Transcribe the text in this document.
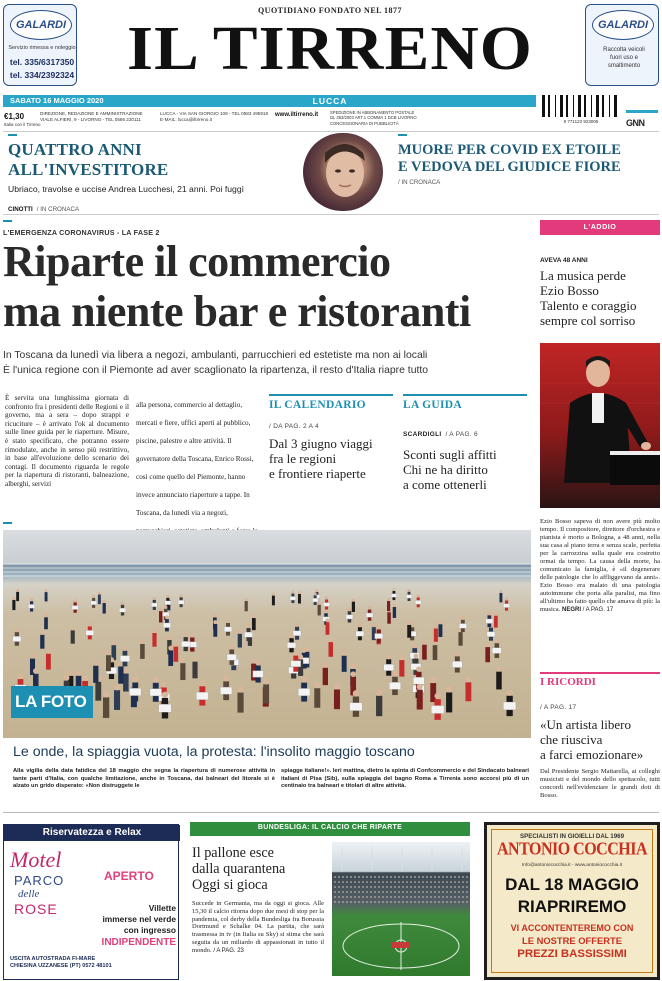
GALARDI
Servizio rimessa e noleggio
tel. 335/6317350
tel. 334/2392324
QUOTIDIANO FONDATO NEL 1877
IL TIRRENO	GALARDI
Raccolta veicoli
fuori uso e
smaltimento
SABATO 16 MAGGIO 2020	LUCCA
€1,30
Italia con il Tirreno
DIREZIONE, REDAZIONE E AMMINISTRAZIONE
VIALE ALFIERI, 9 - LIVORNO - TEL 0586 220111
LUCCA - VIA SAN GIORGIO 108 - TEL 0583 495919
E-MAIL: lucca@iltirreno.it
www.iltirreno.it	SPEDIZIONE IN ABBONAMENTO POSTALE
DL 353/2003 ART.1 COMMA 1 DCB LIVORNO
CONCESSIONARIA DI PUBBLICITÀ	9 771122 923005	GNN
QUATTRO ANNI ALL'INVESTITORE
Ubriaco, travolse e uccise Andrea Lucchesi, 21 anni. Poi fuggì
CINOTTI / IN CRONACA
MUORE PER COVID EX ETOILE
E VEDOVA DEL GIUDICE FIORE
/ IN CRONACA
L'EMERGENZA CORONAVIRUS - LA FASE 2
Riparte il commercio
ma niente bar e ristoranti
In Toscana da lunedì via libera a negozi, ambulanti, parrucchieri ed estetiste ma non ai locali
È l'unica regione con il Piemonte ad aver scaglionato la ripartenza, il resto d'Italia riapre tutto
È servita una lunghissima giornata di confronto fra i presidenti delle Regioni e il governo, ma a sera – dopo strappi e ricuciture – è arrivato l'ok al documento sulle linee guida per le riaperture. Misure, è stato specificato, che potranno essere rimodulate, anche in senso più restrittivo, in base all'evoluzione dello scenario dei contagi. Il documento riguarda le regole per la riapertura di ristoranti, balneazione, alberghi, servizi
alla persona, commercio al dettaglio, mercati e fiere, uffici aperti al pubblico, piscine, palestre e altre attività. Il governatore della Toscana, Enrico Rossi, così come quello del Piemonte, hanno invece annunciato riaperture a tappe. In Toscana, da lunedì via a negozi,
IL CALENDARIO
/ DA PAG. 2 A 4
Dal 3 giugno viaggi
fra le regioni
e frontiere riaperte
LA GUIDA
SCARDIGLI / A PAG. 6
Sconti sugli affitti
Chi ne ha diritto
a come ottenerli
L'ADDIO
AVEVA 48 ANNI
La musica perde
Ezio Bosso
Talento e coraggio
sempre col sorriso
Ezio Bosso sapeva di non avere più molto tempo. Il compositore, direttore d'orchestra e pianista è morto a Bologna, a 48 anni, nella sua casa al piano terra e senza scale, perfetta per la carrozzina sulla quale era costretto ormai da tempo. La causa della morte, ha comunicato la famiglia, è «il degenerare delle patologie che lo affliggevano da anni». Ezio Bosso era malato di una patologia autoimmune che porta alla paralisi, ma fino all'ultimo ha fatto quello che amava di più: la musica. NEGRI / A PAG. 17
I RICORDI
/ A PAG. 17
«Un artista libero
che riusciva
a farci emozionare»
Dal Presidente Sergio Mattarella, ai colleghi musicisti e del mondo dello spettacolo, tutti concordi nell'evidenziare le grandi doti di Bosso.
LA FOTO
Le onde, la spiaggia vuota, la protesta: l'insolito maggio toscano
Alla vigilia della data fatidica del 18 maggio che segna la riapertura di numerose attività in tante parti d'Italia, con qualche limitazione, anche in Toscana, dai balneari del litorale si è alzato un grido disperato: «Non distruggete le
spiagge italiane!». Ieri mattina, dietro la spinta di Confcommercio e del Sindacato balneari italiani di Pisa (Sib), sulla spiaggia del bagno Roma a Tirrenia sono accorsi più di un centinaio tra balneari e titolari di altre attività.
Riservatezza e Relax
Motel
PARCO
delle
ROSE
APERTO
Villette
immerse nel verde
con ingresso
INDIPENDENTE
USCITA AUTOSTRADA FI-MARE
CHIESINA UZZANESE (PT) 0572 48101
BUNDESLIGA: IL CALCIO CHE RIPARTE
Il pallone esce
dalla quarantena
Oggi si gioca
Succede in Germania, ma da oggi si gioca. Alle 15,30 il calcio ritorna dopo due mesi di stop per la pandemia, col derby della Bundesliga fra Borussia Dortmund e Schalke 04. La partita, che sarà trasmessa in tv (in Italia su Sky) si stima che sarà seguita da un miliardo di appassionati in tutto il mondo. / A PAG. 23
SPECIALISTI IN GIOIELLI DAL 1969
ANTONIO COCCHIA
Info@antoniococchia.it - www.antoniococchia.it
DAL 18 MAGGIO
RIAPRIREMO
VI ACCONTENTEREMO CON
LE NOSTRE OFFERTE
PREZZI BASSISSIMI
